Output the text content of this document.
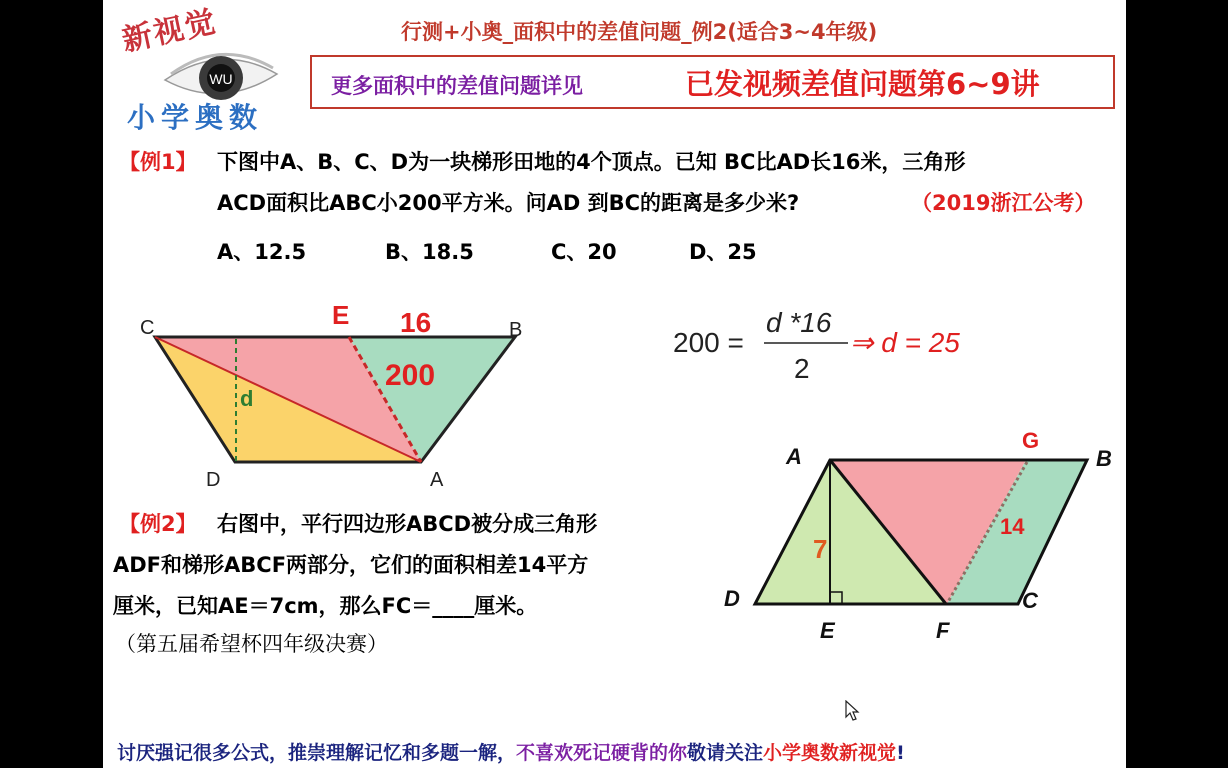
新视觉
WU
小学奥数
行测+小奥_面积中的差值问题_例2(适合3~4年级)
更多面积中的差值问题详见	已发视频差值问题第6~9讲
【例1】 下图中A、B、C、D为一块梯形田地的4个顶点。已知 BC比AD长16米，三角形
ACD面积比ABC小200平方米。问AD 到BC的距离是多少米?	（2019浙江公考）
A、12.5	B、18.5	C、20	D、25
C	B
D	A
E 16
200
d
200 =
d *16
2
⇒ d = 25
【例2】 右图中，平行四边形ABCD被分成三角形
ADF和梯形ABCF两部分，它们的面积相差14平方
厘米，已知AE＝7cm，那么FC＝____厘米。
（第五届希望杯四年级决赛）
A	B
C
D
E	F
G
7
14
讨厌强记很多公式，推崇理解记忆和多题一解，不喜欢死记硬背的你敬请关注小学奥数新视觉!
